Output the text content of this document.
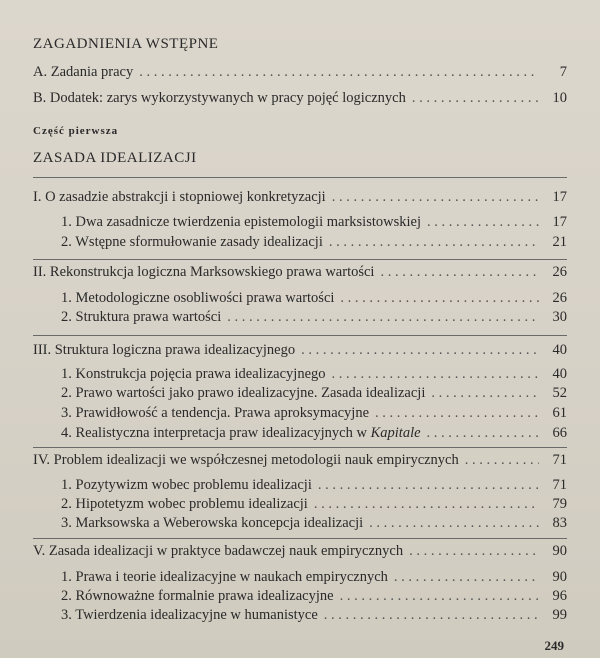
ZAGADNIENIA WSTĘPNE
A. Zadania pracy . . .	7
B. Dodatek: zarys wykorzystywanych w pracy pojęć logicznych . . .	10
Część pierwsza
ZASADA IDEALIZACJI
I. O zasadzie abstrakcji i stopniowej konkretyzacji . . .	17
1. Dwa zasadnicze twierdzenia epistemologii marksistowskiej . . .	17
2. Wstępne sformułowanie zasady idealizacji . . .	21
II. Rekonstrukcja logiczna Marksowskiego prawa wartości . . .	26
1. Metodologiczne osobliwości prawa wartości . . .	26
2. Struktura prawa wartości . . .	30
III. Struktura logiczna prawa idealizacyjnego . . .	40
1. Konstrukcja pojęcia prawa idealizacyjnego . . .	40
2. Prawo wartości jako prawo idealizacyjne. Zasada idealizacji . . .	52
3. Prawidłowość a tendencja. Prawa aproksymacyjne . . .	61
4. Realistyczna interpretacja praw idealizacyjnych w Kapitale . . .	66
IV. Problem idealizacji we współczesnej metodologii nauk empirycznych . . .	71
1. Pozytywizm wobec problemu idealizacji . . .	71
2. Hipotetyzm wobec problemu idealizacji . . .	79
3. Marksowska a Weberowska koncepcja idealizacji . . .	83
V. Zasada idealizacji w praktyce badawczej nauk empirycznych . . .	90
1. Prawa i teorie idealizacyjne w naukach empirycznych . . .	90
2. Równoważne formalnie prawa idealizacyjne . . .	96
3. Twierdzenia idealizacyjne w humanistyce . . .	99
249
